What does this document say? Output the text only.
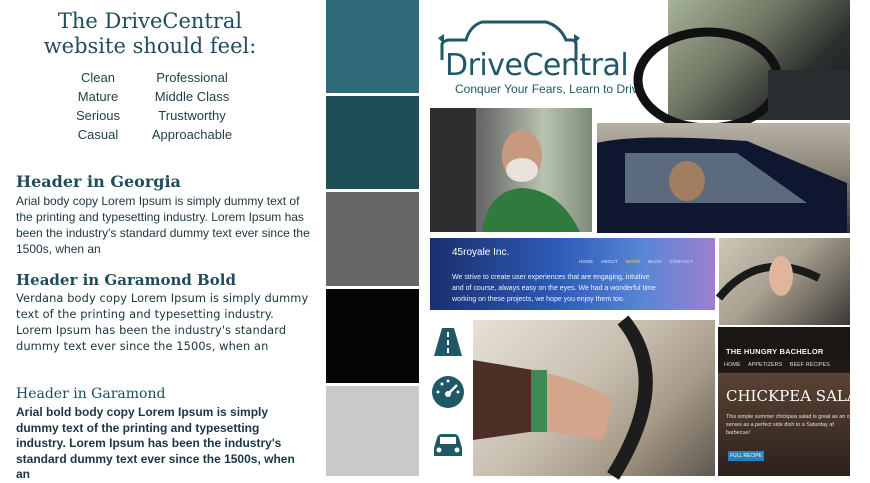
The DriveCentral
website should feel:
Clean
Mature
Serious
Casual
Professional
Middle Class
Trustworthy
Approachable
Header in Georgia
Arial body copy Lorem Ipsum is simply dummy text of the printing and typesetting industry. Lorem Ipsum has been the industry's standard dummy text ever since the 1500s, when an
Header in Garamond Bold
Verdana body copy Lorem Ipsum is simply dummy text of the printing and typesetting industry. Lorem Ipsum has been the industry's standard dummy text ever since the 1500s, when an
Header in Garamond
Arial bold body copy Lorem Ipsum is simply dummy text of the printing and typesetting industry. Lorem Ipsum has been the industry's standard dummy text ever since the 1500s, when an
DriveCentral
Conquer Your Fears, Learn to Drive
45royale Inc.
HOME ABOUT WORK BLOG CONTACT
We strive to create user experiences that are engaging, intuitive
and of course, always easy on the eyes. We had a wonderful time
working on these projects, we hope you enjoy them too.
THE HUNGRY BACHELOR
HOME APPETIZERS BEEF RECIPES
CHICKPEA SALAD
This simple summer chickpea salad is great as an or serves as a perfect side dish to a Saturday af barbecue!
FULL RECIPE
